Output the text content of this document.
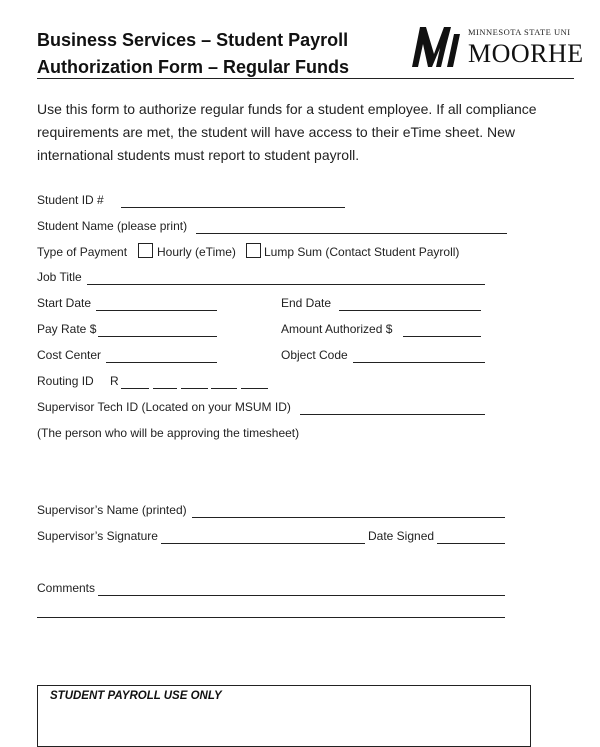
Business Services – Student Payroll
Authorization Form – Regular Funds
MINNESOTA STATE UNI
MOORHE
Use this form to authorize regular funds for a student employee. If all compliance requirements are met, the student will have access to their eTime sheet. New international students must report to student payroll.
Student ID #
Student Name (please print)
Type of Payment Hourly (eTime) Lump Sum (Contact Student Payroll)
Job Title
Start Date	End Date
Pay Rate $	Amount Authorized $
Cost Center	Object Code
Routing ID R
Supervisor Tech ID (Located on your MSUM ID)
(The person who will be approving the timesheet)
Supervisor’s Name (printed)
Supervisor’s Signature	Date Signed
Comments
STUDENT PAYROLL USE ONLY
